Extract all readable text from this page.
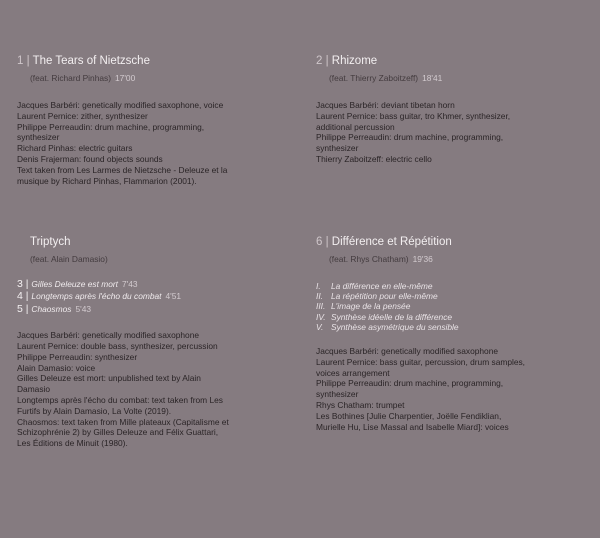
1 | The Tears of Nietzsche
(feat. Richard Pinhas) 17'00
Jacques Barbéri: genetically modified saxophone, voice
Laurent Pernice: zither, synthesizer
Philippe Perreaudin: drum machine, programming,
synthesizer
Richard Pinhas: electric guitars
Denis Frajerman: found objects sounds
Text taken from Les Larmes de Nietzsche - Deleuze et la
musique by Richard Pinhas, Flammarion (2001).
2 | Rhizome
(feat. Thierry Zaboitzeff) 18'41
Jacques Barbéri: deviant tibetan horn
Laurent Pernice: bass guitar, tro Khmer, synthesizer,
additional percussion
Philippe Perreaudin: drum machine, programming,
synthesizer
Thierry Zaboitzeff: electric cello
Triptych
(feat. Alain Damasio)
3 | Gilles Deleuze est mort 7'43
4 | Longtemps après l'écho du combat 4'51
5 | Chaosmos 5'43
Jacques Barbéri: genetically modified saxophone
Laurent Pernice: double bass, synthesizer, percussion
Philippe Perreaudin: synthesizer
Alain Damasio: voice
Gilles Deleuze est mort: unpublished text by Alain
Damasio
Longtemps après l'écho du combat: text taken from Les
Furtifs by Alain Damasio, La Volte (2019).
Chaosmos: text taken from Mille plateaux (Capitalisme et
Schizophrénie 2) by Gilles Deleuze and Félix Guattari,
Les Éditions de Minuit (1980).
6 | Différence et Répétition
(feat. Rhys Chatham) 19'36
I. La différence en elle-même
II. La répétition pour elle-même
III. L'image de la pensée
IV. Synthèse idéelle de la différence
V. Synthèse asymétrique du sensible
Jacques Barbéri: genetically modified saxophone
Laurent Pernice: bass guitar, percussion, drum samples,
voices arrangement
Philippe Perreaudin: drum machine, programming,
synthesizer
Rhys Chatham: trumpet
Les Bothines [Julie Charpentier, Joëlle Fendiklian,
Murielle Hu, Lise Massal and Isabelle Miard]: voices
